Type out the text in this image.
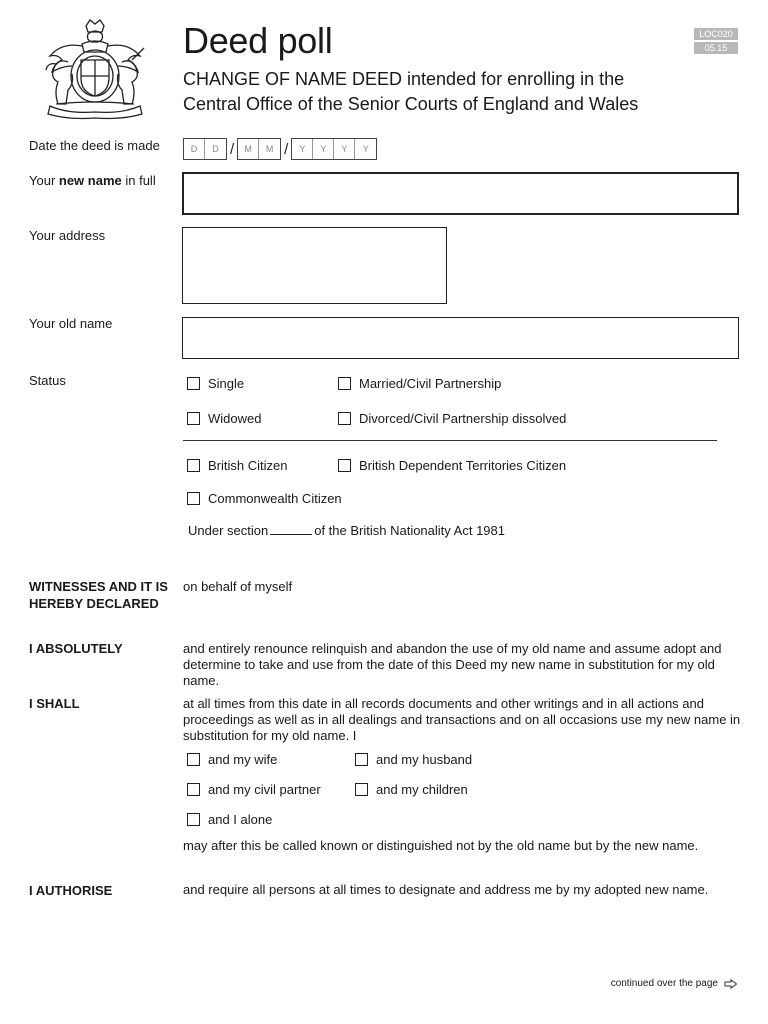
Deed poll
CHANGE OF NAME DEED intended for enrolling in the
Central Office of the Senior Courts of England and Wales
LOC020
05.15
Date the deed is made	D	D /	M	M /	Y	Y	Y	Y
Your new name in full
Your address
Your old name
Status	Single	Married/Civil Partnership
Widowed	Divorced/Civil Partnership dissolved
British Citizen	British Dependent Territories Citizen
Commonwealth Citizen
Under section	of the British Nationality Act 1981
WITNESSES AND IT IS HEREBY DECLARED
on behalf of myself
I ABSOLUTELY	and entirely renounce relinquish and abandon the use of my old name and assume adopt and determine to take and use from the date of this Deed my new name in substitution for my old name.
I SHALL	at all times from this date in all records documents and other writings and in all actions and proceedings as well as in all dealings and transactions and on all occasions use my new name in substitution for my old name. I
and my wife	and my husband
and my civil partner	and my children
and I alone
may after this be called known or distinguished not by the old name but by the new name.
I AUTHORISE	and require all persons at all times to designate and address me by my adopted new name.
continued over the page
